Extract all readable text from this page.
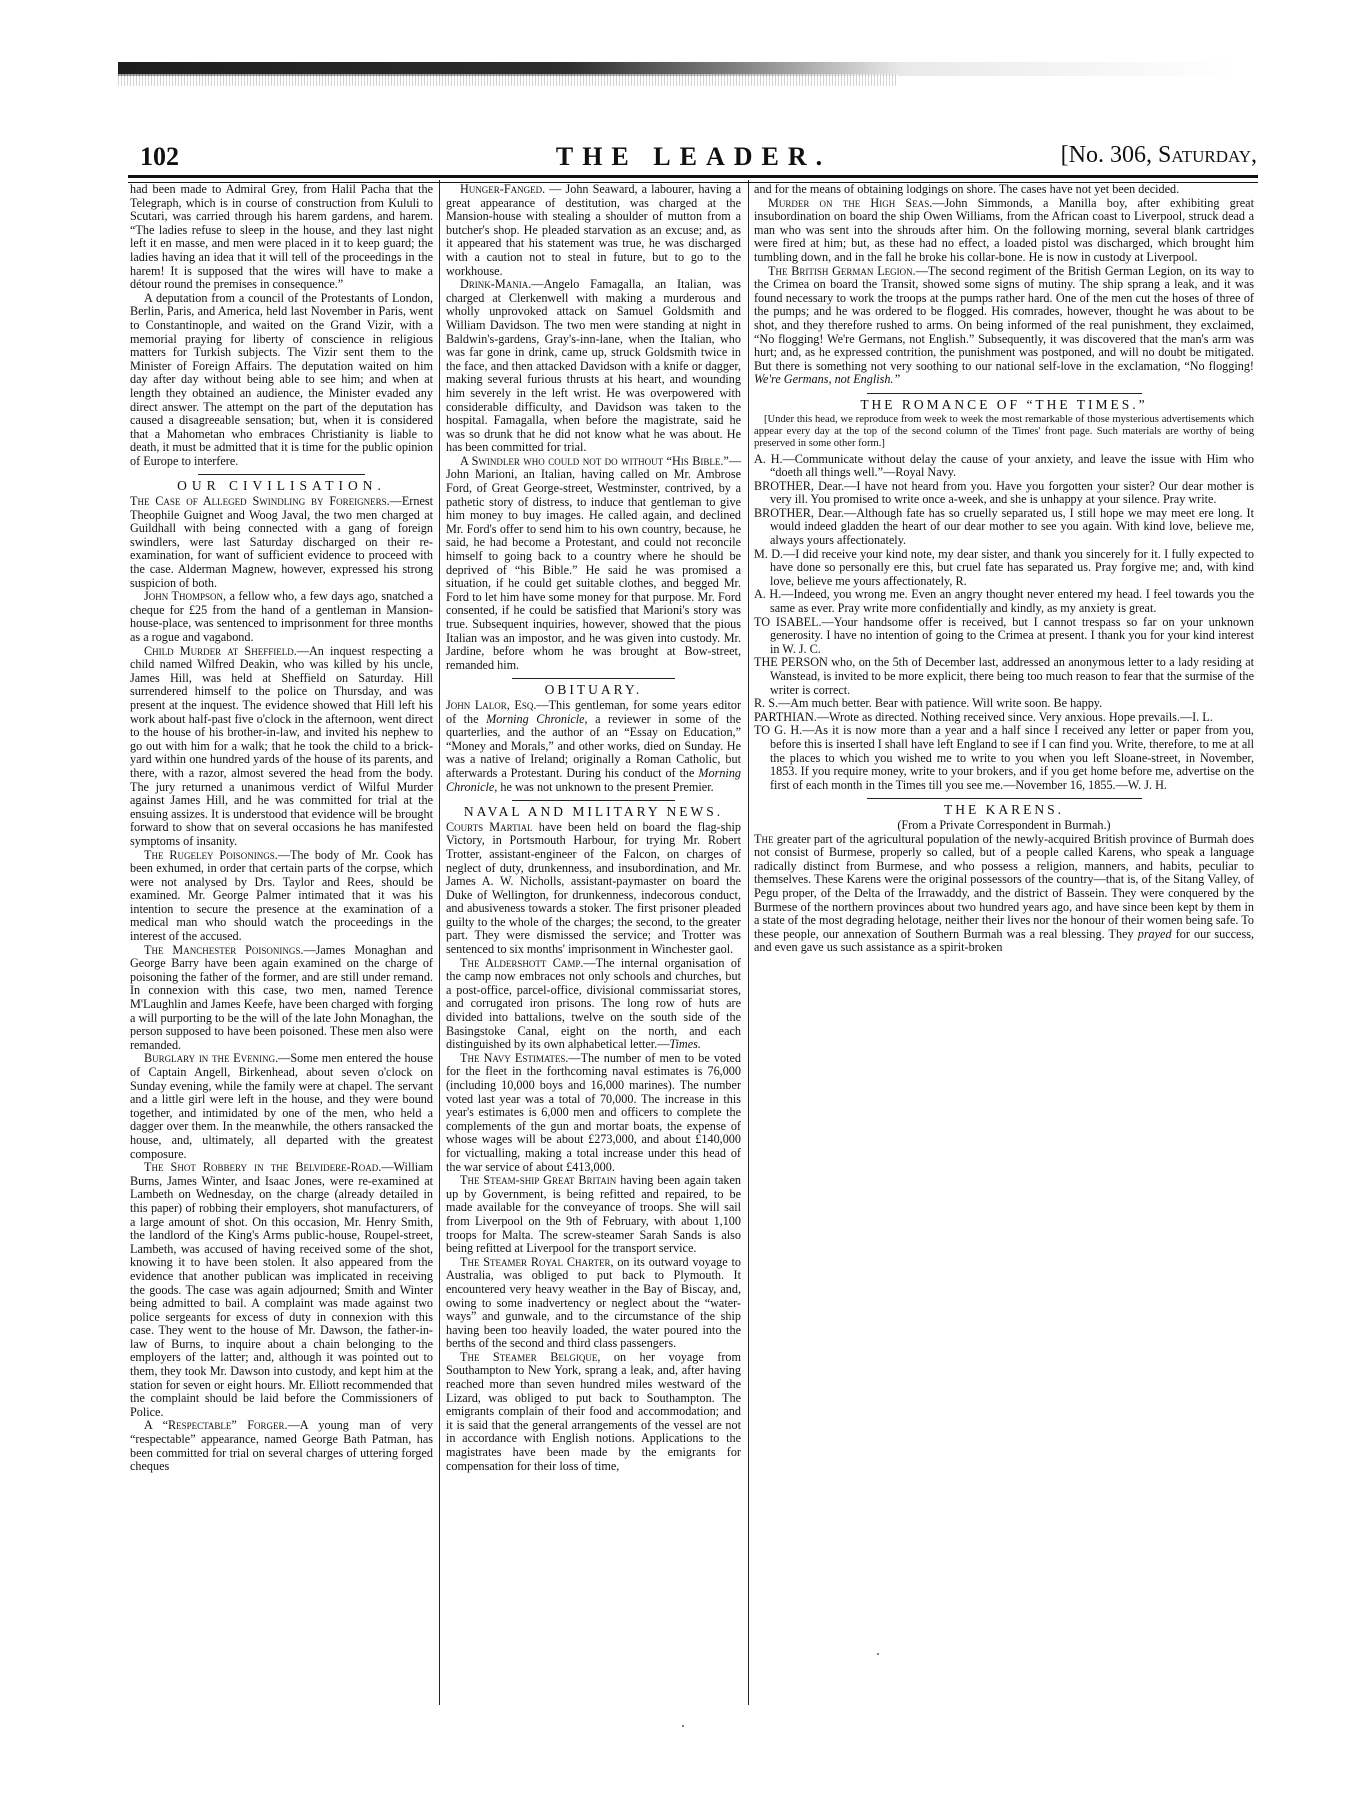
102	THE LEADER.	[No. 306, Saturday,

had been made to Admiral Grey, from Halil Pacha that the Telegraph, which is in course of construction from Kululi to Scutari, was carried through his harem gardens, and harem. “The ladies refuse to sleep in the house, and they last night left it en masse, and men were placed in it to keep guard; the ladies having an idea that it will tell of the proceedings in the harem! It is supposed that the wires will have to make a détour round the premises in consequence.”

A deputation from a council of the Protestants of London, Berlin, Paris, and America, held last November in Paris, went to Constantinople, and waited on the Grand Vizir, with a memorial praying for liberty of conscience in religious matters for Turkish subjects. The Vizir sent them to the Minister of Foreign Affairs. The deputation waited on him day after day without being able to see him; and when at length they obtained an audience, the Minister evaded any direct answer. The attempt on the part of the deputation has caused a disagreeable sensation; but, when it is considered that a Mahometan who embraces Christianity is liable to death, it must be admitted that it is time for the public opinion of Europe to interfere.

OUR CIVILISATION.

The Case of Alleged Swindling by Foreigners.—Ernest Theophile Guignet and Woog Javal, the two men charged at Guildhall with being connected with a gang of foreign swindlers, were last Saturday discharged on their re-examination, for want of sufficient evidence to proceed with the case. Alderman Magnew, however, expressed his strong suspicion of both.

John Thompson, a fellow who, a few days ago, snatched a cheque for £25 from the hand of a gentleman in Mansion-house-place, was sentenced to imprisonment for three months as a rogue and vagabond.

Child Murder at Sheffield.—An inquest respecting a child named Wilfred Deakin, who was killed by his uncle, James Hill, was held at Sheffield on Saturday. Hill surrendered himself to the police on Thursday, and was present at the inquest. The evidence showed that Hill left his work about half-past five o'clock in the afternoon, went direct to the house of his brother-in-law, and invited his nephew to go out with him for a walk; that he took the child to a brick-yard within one hundred yards of the house of its parents, and there, with a razor, almost severed the head from the body. The jury returned a unanimous verdict of Wilful Murder against James Hill, and he was committed for trial at the ensuing assizes. It is understood that evidence will be brought forward to show that on several occasions he has manifested symptoms of insanity.

The Rugeley Poisonings.—The body of Mr. Cook has been exhumed, in order that certain parts of the corpse, which were not analysed by Drs. Taylor and Rees, should be examined. Mr. George Palmer intimated that it was his intention to secure the presence at the examination of a medical man who should watch the proceedings in the interest of the accused.

The Manchester Poisonings.—James Monaghan and George Barry have been again examined on the charge of poisoning the father of the former, and are still under remand. In connexion with this case, two men, named Terence M'Laughlin and James Keefe, have been charged with forging a will purporting to be the will of the late John Monaghan, the person supposed to have been poisoned. These men also were remanded.

Burglary in the Evening.—Some men entered the house of Captain Angell, Birkenhead, about seven o'clock on Sunday evening, while the family were at chapel. The servant and a little girl were left in the house, and they were bound together, and intimidated by one of the men, who held a dagger over them. In the meanwhile, the others ransacked the house, and, ultimately, all departed with the greatest composure.

The Shot Robbery in the Belvidere-Road.—William Burns, James Winter, and Isaac Jones, were re-examined at Lambeth on Wednesday, on the charge (already detailed in this paper) of robbing their employers, shot manufacturers, of a large amount of shot. On this occasion, Mr. Henry Smith, the landlord of the King's Arms public-house, Roupel-street, Lambeth, was accused of having received some of the shot, knowing it to have been stolen. It also appeared from the evidence that another publican was implicated in receiving the goods. The case was again adjourned; Smith and Winter being admitted to bail. A complaint was made against two police sergeants for excess of duty in connexion with this case. They went to the house of Mr. Dawson, the father-in-law of Burns, to inquire about a chain belonging to the employers of the latter; and, although it was pointed out to them, they took Mr. Dawson into custody, and kept him at the station for seven or eight hours. Mr. Elliott recommended that the complaint should be laid before the Commissioners of Police.

A “Respectable” Forger.—A young man of very “respectable” appearance, named George Bath Patman, has been committed for trial on several charges of uttering forged cheques

Hunger-Fanged. — John Seaward, a labourer, having a great appearance of destitution, was charged at the Mansion-house with stealing a shoulder of mutton from a butcher's shop. He pleaded starvation as an excuse; and, as it appeared that his statement was true, he was discharged with a caution not to steal in future, but to go to the workhouse.

Drink-Mania.—Angelo Famagalla, an Italian, was charged at Clerkenwell with making a murderous and wholly unprovoked attack on Samuel Goldsmith and William Davidson. The two men were standing at night in Baldwin's-gardens, Gray's-inn-lane, when the Italian, who was far gone in drink, came up, struck Goldsmith twice in the face, and then attacked Davidson with a knife or dagger, making several furious thrusts at his heart, and wounding him severely in the left wrist. He was overpowered with considerable difficulty, and Davidson was taken to the hospital. Famagalla, when before the magistrate, said he was so drunk that he did not know what he was about. He has been committed for trial.

A Swindler who could not do without “His Bible.”—John Marioni, an Italian, having called on Mr. Ambrose Ford, of Great George-street, Westminster, contrived, by a pathetic story of distress, to induce that gentleman to give him money to buy images. He called again, and declined Mr. Ford's offer to send him to his own country, because, he said, he had become a Protestant, and could not reconcile himself to going back to a country where he should be deprived of “his Bible.” He said he was promised a situation, if he could get suitable clothes, and begged Mr. Ford to let him have some money for that purpose. Mr. Ford consented, if he could be satisfied that Marioni's story was true. Subsequent inquiries, however, showed that the pious Italian was an impostor, and he was given into custody. Mr. Jardine, before whom he was brought at Bow-street, remanded him.

OBITUARY.

John Lalor, Esq.—This gentleman, for some years editor of the Morning Chronicle, a reviewer in some of the quarterlies, and the author of an “Essay on Education,” “Money and Morals,” and other works, died on Sunday. He was a native of Ireland; originally a Roman Catholic, but afterwards a Protestant. During his conduct of the Morning Chronicle, he was not unknown to the present Premier.

NAVAL AND MILITARY NEWS.

Courts Martial have been held on board the flag-ship Victory, in Portsmouth Harbour, for trying Mr. Robert Trotter, assistant-engineer of the Falcon, on charges of neglect of duty, drunkenness, and insubordination, and Mr. James A. W. Nicholls, assistant-paymaster on board the Duke of Wellington, for drunkenness, indecorous conduct, and abusiveness towards a stoker. The first prisoner pleaded guilty to the whole of the charges; the second, to the greater part. They were dismissed the service; and Trotter was sentenced to six months' imprisonment in Winchester gaol.

The Aldershott Camp.—The internal organisation of the camp now embraces not only schools and churches, but a post-office, parcel-office, divisional commissariat stores, and corrugated iron prisons. The long row of huts are divided into battalions, twelve on the south side of the Basingstoke Canal, eight on the north, and each distinguished by its own alphabetical letter.—Times.

The Navy Estimates.—The number of men to be voted for the fleet in the forthcoming naval estimates is 76,000 (including 10,000 boys and 16,000 marines). The number voted last year was a total of 70,000. The increase in this year's estimates is 6,000 men and officers to complete the complements of the gun and mortar boats, the expense of whose wages will be about £273,000, and about £140,000 for victualling, making a total increase under this head of the war service of about £413,000.

The Steam-ship Great Britain having been again taken up by Government, is being refitted and repaired, to be made available for the conveyance of troops. She will sail from Liverpool on the 9th of February, with about 1,100 troops for Malta. The screw-steamer Sarah Sands is also being refitted at Liverpool for the transport service.

The Steamer Royal Charter, on its outward voyage to Australia, was obliged to put back to Plymouth. It encountered very heavy weather in the Bay of Biscay, and, owing to some inadvertency or neglect about the “water-ways” and gunwale, and to the circumstance of the ship having been too heavily loaded, the water poured into the berths of the second and third class passengers.

The Steamer Belgique, on her voyage from Southampton to New York, sprang a leak, and, after having reached more than seven hundred miles westward of the Lizard, was obliged to put back to Southampton. The emigrants complain of their food and accommodation; and it is said that the general arrangements of the vessel are not in accordance with English notions. Applications to the magistrates have been made by the emigrants for compensation for their loss of time,

and for the means of obtaining lodgings on shore. The cases have not yet been decided.

Murder on the High Seas.—John Simmonds, a Manilla boy, after exhibiting great insubordination on board the ship Owen Williams, from the African coast to Liverpool, struck dead a man who was sent into the shrouds after him. On the following morning, several blank cartridges were fired at him; but, as these had no effect, a loaded pistol was discharged, which brought him tumbling down, and in the fall he broke his collar-bone. He is now in custody at Liverpool.

The British German Legion.—The second regiment of the British German Legion, on its way to the Crimea on board the Transit, showed some signs of mutiny. The ship sprang a leak, and it was found necessary to work the troops at the pumps rather hard. One of the men cut the hoses of three of the pumps; and he was ordered to be flogged. His comrades, however, thought he was about to be shot, and they therefore rushed to arms. On being informed of the real punishment, they exclaimed, “No flogging! We're Germans, not English.” Subsequently, it was discovered that the man's arm was hurt; and, as he expressed contrition, the punishment was postponed, and will no doubt be mitigated. But there is something not very soothing to our national self-love in the exclamation, “No flogging! We're Germans, not English.”

THE ROMANCE OF “THE TIMES.”

[Under this head, we reproduce from week to week the most remarkable of those mysterious advertisements which appear every day at the top of the second column of the Times' front page. Such materials are worthy of being preserved in some other form.]

A. H.—Communicate without delay the cause of your anxiety, and leave the issue with Him who “doeth all things well.”—Royal Navy.

BROTHER, Dear.—I have not heard from you. Have you forgotten your sister? Our dear mother is very ill. You promised to write once a-week, and she is unhappy at your silence. Pray write.

BROTHER, Dear.—Although fate has so cruelly separated us, I still hope we may meet ere long. It would indeed gladden the heart of our dear mother to see you again. With kind love, believe me, always yours affectionately.

M. D.—I did receive your kind note, my dear sister, and thank you sincerely for it. I fully expected to have done so personally ere this, but cruel fate has separated us. Pray forgive me; and, with kind love, believe me yours affectionately, R.

A. H.—Indeed, you wrong me. Even an angry thought never entered my head. I feel towards you the same as ever. Pray write more confidentially and kindly, as my anxiety is great.

TO ISABEL.—Your handsome offer is received, but I cannot trespass so far on your unknown generosity. I have no intention of going to the Crimea at present. I thank you for your kind interest in W. J. C.

THE PERSON who, on the 5th of December last, addressed an anonymous letter to a lady residing at Wanstead, is invited to be more explicit, there being too much reason to fear that the surmise of the writer is correct.

R. S.—Am much better. Bear with patience. Will write soon. Be happy.

PARTHIAN.—Wrote as directed. Nothing received since. Very anxious. Hope prevails.—I. L.

TO G. H.—As it is now more than a year and a half since I received any letter or paper from you, before this is inserted I shall have left England to see if I can find you. Write, therefore, to me at all the places to which you wished me to write to you when you left Sloane-street, in November, 1853. If you require money, write to your brokers, and if you get home before me, advertise on the first of each month in the Times till you see me.—November 16, 1855.—W. J. H.

THE KARENS.

(From a Private Correspondent in Burmah.)

The greater part of the agricultural population of the newly-acquired British province of Burmah does not consist of Burmese, properly so called, but of a people called Karens, who speak a language radically distinct from Burmese, and who possess a religion, manners, and habits, peculiar to themselves. These Karens were the original possessors of the country—that is, of the Sitang Valley, of Pegu proper, of the Delta of the Irrawaddy, and the district of Bassein. They were conquered by the Burmese of the northern provinces about two hundred years ago, and have since been kept by them in a state of the most degrading helotage, neither their lives nor the honour of their women being safe. To these people, our annexation of Southern Burmah was a real blessing. They prayed for our success, and even gave us such assistance as a spirit-broken
